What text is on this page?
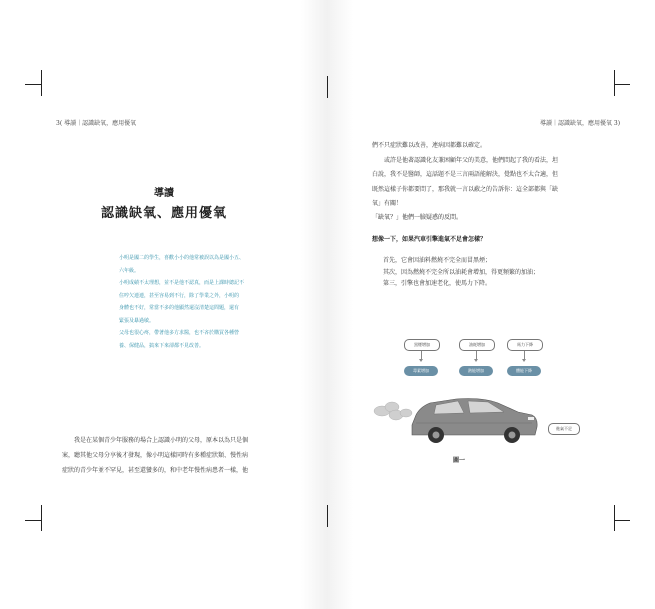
3( 導讀｜認識缺氧，應用優氧
導讀
認識缺氧、應用優氧

小明是國二的學生，喜歡小小的他常被誤以為是國小五、

六年級。

小明成績不太理想，並不是他不認真，而是上課時總記不

住哼欠連連，甚至容易到不行，除了學業之外，小明的

身體也不好，常當不多的他顯然還沒清楚這問題，還有

緊張及暴過敏。

父母也很心疼，帶著他多方求醫，也不吝於購買各種營

養、保健品，搞來下來卻都不見改善。

我是在某個青少年服務的場合上認識小明的父母，原本以為只是個
案，聽其他父母分享後才發現，像小明這樣同時有多種症狀類、慢性病
症狀的青少年並不罕見，甚至還蠻多的，和中老年慢性病患者一樣，他
導讀｜認識缺氧，應用優氧 3)
們不只症狀難以改善，連病因都難以確定。
或許是他著認識化友兼困顧年父的美意，他們問起了我的看法，坦
白說，我不是醫師，這話題不是三言兩語能解決，覺點也不太合適，但
既然這樣子你都要問了，那我就一言以蔽之的告訴你：這全部都與「缺
氧」有關！
「缺氧？」他們一臉疑惑的反問。
想像一下，如果汽車引擎進氣不足會怎樣？

首先，它會因油料燃燒不完全而冒黑煙；

其次，因為燃燒不完全所以油耗會增加，得更頻繁的加油；

第三，引擎也會加速老化，使馬力下降。

黑煙增加	油耗增加	馬力下降
毒素增加	熱能增加	體能下降
進氣不足
圖一
